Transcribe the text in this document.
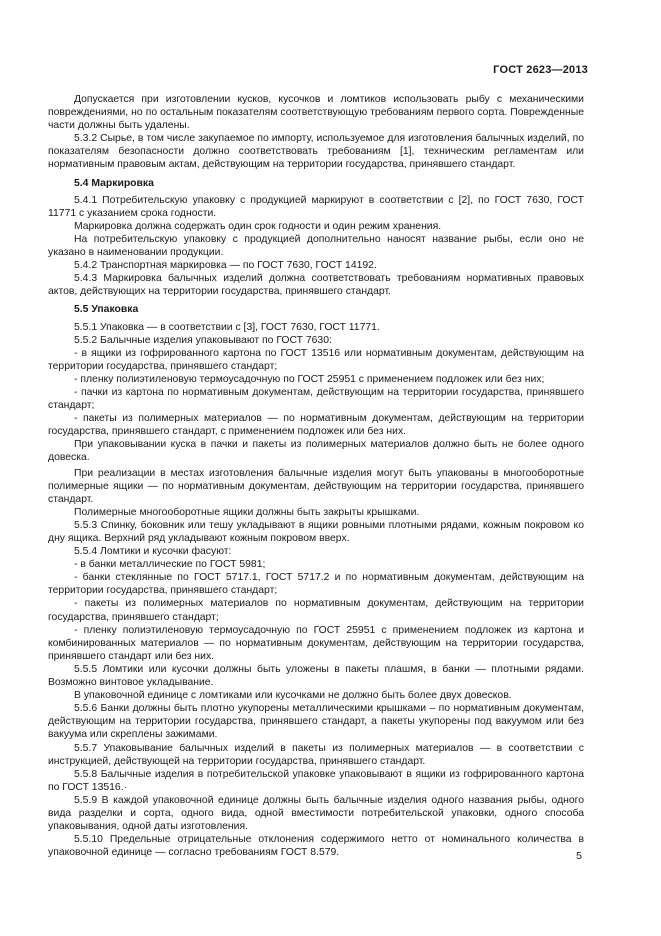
ГОСТ 2623—2013

Допускается при изготовлении кусков, кусочков и ломтиков использовать рыбу с механическими повреждениями, но по остальным показателям соответствующую требованиям первого сорта. Поврежденные части должны быть удалены.

5.3.2 Сырье, в том числе закупаемое по импорту, используемое для изготовления балычных изделий, по показателям безопасности должно соответствовать требованиям [1], техническим регламентам или нормативным правовым актам, действующим на территории государства, принявшего стандарт.

5.4 Маркировка

5.4.1 Потребительскую упаковку с продукцией маркируют в соответствии с [2], по ГОСТ 7630, ГОСТ 11771 с указанием срока годности.

Маркировка должна содержать один срок годности и один режим хранения.

На потребительскую упаковку с продукцией дополнительно наносят название рыбы, если оно не указано в наименовании продукции.

5.4.2 Транспортная маркировка — по ГОСТ 7630, ГОСТ 14192.

5.4.3 Маркировка балычных изделий должна соответствовать требованиям нормативных правовых актов, действующих на территории государства, принявшего стандарт.

5.5 Упаковка

5.5.1 Упаковка — в соответствии с [3], ГОСТ 7630, ГОСТ 11771.

5.5.2 Балычные изделия упаковывают по ГОСТ 7630:

- в ящики из гофрированного картона по ГОСТ 13516 или нормативным документам, действующим на территории государства, принявшего стандарт;

- пленку полиэтиленовую термоусадочную по ГОСТ 25951 с применением подложек или без них;

- пачки из картона по нормативным документам, действующим на территории государства, принявшего стандарт;

- пакеты из полимерных материалов — по нормативным документам, действующим на территории государства, принявшего стандарт, с применением подложек или без них.

При упаковывании куска в пачки и пакеты из полимерных материалов должно быть не более одного довеска.

При реализации в местах изготовления балычные изделия могут быть упакованы в многооборотные полимерные ящики — по нормативным документам, действующим на территории государства, принявшего стандарт.

Полимерные многооборотные ящики должны быть закрыты крышками.

5.5.3 Спинку, боковник или тешу укладывают в ящики ровными плотными рядами, кожным покровом ко дну ящика. Верхний ряд укладывают кожным покровом вверх.

5.5.4 Ломтики и кусочки фасуют:

- в банки металлические по ГОСТ 5981;

- банки стеклянные по ГОСТ 5717.1, ГОСТ 5717.2 и по нормативным документам, действующим на территории государства, принявшего стандарт;

- пакеты из полимерных материалов по нормативным документам, действующим на территории государства, принявшего стандарт;

- пленку полиэтиленовую термоусадочную по ГОСТ 25951 с применением подложек из картона и комбинированных материалов — по нормативным документам, действующим на территории государства, принявшего стандарт или без них.

5.5.5 Ломтики или кусочки должны быть уложены в пакеты плашмя, в банки — плотными рядами. Возможно винтовое укладывание.

В упаковочной единице с ломтиками или кусочками не должно быть более двух довесков.

5.5.6 Банки должны быть плотно укупорены металлическими крышками – по нормативным документам, действующим на территории государства, принявшего стандарт, а пакеты укупорены под вакуумом или без вакуума или скреплены зажимами.

5.5.7 Упаковывание балычных изделий в пакеты из полимерных материалов — в соответствии с инструкцией, действующей на территории государства, принявшего стандарт.

5.5.8 Балычные изделия в потребительской упаковке упаковывают в ящики из гофрированного картона по ГОСТ 13516.·

5.5.9 В каждой упаковочной единице должны быть балычные изделия одного названия рыбы, одного вида разделки и сорта, одного вида, одной вместимости потребительской упаковки, одного способа упаковывания, одной даты изготовления.

5.5.10 Предельные отрицательные отклонения содержимого нетто от номинального количества в упаковочной единице — согласно требованиям ГОСТ 8.579.	5
